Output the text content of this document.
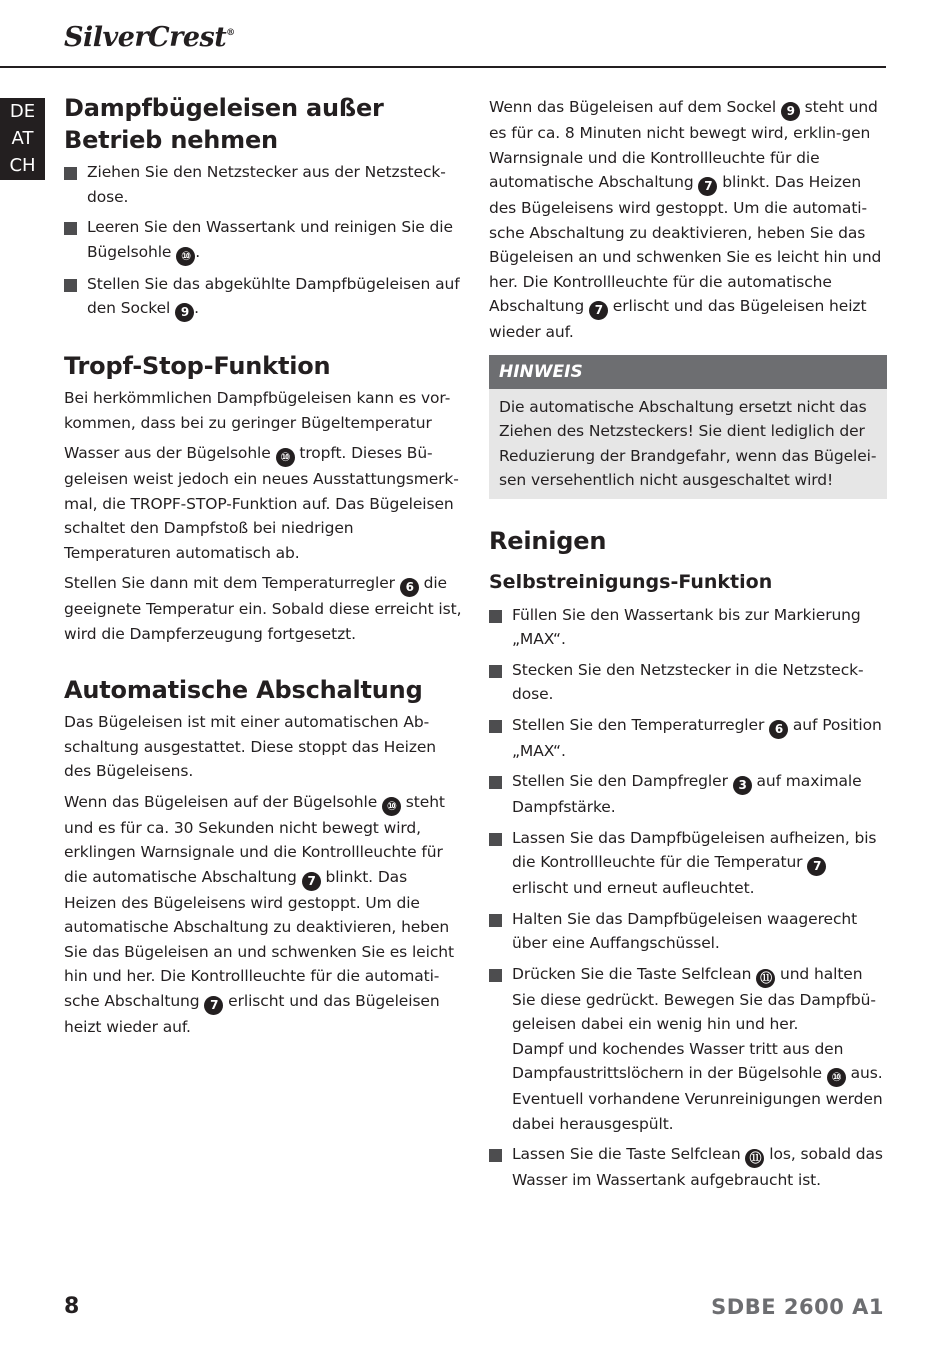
SilverCrest®
DE
AT
CH
Dampfbügeleisen außer Betrieb nehmen
Ziehen Sie den Netzstecker aus der Netzsteck-dose.
Leeren Sie den Wassertank und reinigen Sie die Bügelsohle ⑩ .
Stellen Sie das abgekühlte Dampfbügeleisen auf den Sockel 9 .
Tropf-Stop-Funktion

Bei herkömmlichen Dampfbügeleisen kann es vor-kommen, dass bei zu geringer Bügeltemperatur

Wasser aus der Bügelsohle ⑩ tropft. Dieses Bü-geleisen weist jedoch ein neues Ausstattungsmerk-mal, die TROPF-STOP-Funktion auf. Das Bügeleisen schaltet den Dampfstoß bei niedrigen Temperaturen automatisch ab.

Stellen Sie dann mit dem Temperaturregler 6 die geeignete Temperatur ein. Sobald diese erreicht ist, wird die Dampferzeugung fortgesetzt.

Automatische Abschaltung

Das Bügeleisen ist mit einer automatischen Ab-schaltung ausgestattet. Diese stoppt das Heizen des Bügeleisens.

Wenn das Bügeleisen auf der Bügelsohle ⑩ steht und es für ca. 30 Sekunden nicht bewegt wird, erklingen Warnsignale und die Kontrollleuchte für die automatische Abschaltung 7 blinkt. Das Heizen des Bügeleisens wird gestoppt. Um die automatische Abschaltung zu deaktivieren, heben Sie das Bügeleisen an und schwenken Sie es leicht hin und her. Die Kontrollleuchte für die automati-sche Abschaltung 7 erlischt und das Bügeleisen heizt wieder auf.

Wenn das Bügeleisen auf dem Sockel 9 steht und es für ca. 8 Minuten nicht bewegt wird, erklin-gen Warnsignale und die Kontrollleuchte für die automatische Abschaltung 7 blinkt. Das Heizen des Bügeleisens wird gestoppt. Um die automati-sche Abschaltung zu deaktivieren, heben Sie das Bügeleisen an und schwenken Sie es leicht hin und her. Die Kontrollleuchte für die automatische Abschaltung 7 erlischt und das Bügeleisen heizt wieder auf.

HINWEIS
Die automatische Abschaltung ersetzt nicht das Ziehen des Netzsteckers! Sie dient lediglich der Reduzierung der Brandgefahr, wenn das Bügelei-sen versehentlich nicht ausgeschaltet wird!
Reinigen
Selbstreinigungs-Funktion
Füllen Sie den Wassertank bis zur Markierung „MAX“.
Stecken Sie den Netzstecker in die Netzsteck-dose.
Stellen Sie den Temperaturregler 6 auf Position „MAX“.
Stellen Sie den Dampfregler 3 auf maximale Dampfstärke.
Lassen Sie das Dampfbügeleisen aufheizen, bis die Kontrollleuchte für die Temperatur 7 erlischt und erneut aufleuchtet.
Halten Sie das Dampfbügeleisen waagerecht über eine Auffangschüssel.
Drücken Sie die Taste Selfclean ⑪ und halten Sie diese gedrückt. Bewegen Sie das Dampfbü-geleisen dabei ein wenig hin und her.
Dampf und kochendes Wasser tritt aus den Dampfaustrittslöchern in der Bügelsohle ⑩ aus. Eventuell vorhandene Verunreinigungen werden dabei herausgespült.
Lassen Sie die Taste Selfclean ⑪ los, sobald das Wasser im Wassertank aufgebraucht ist.
8	SDBE 2600 A1
